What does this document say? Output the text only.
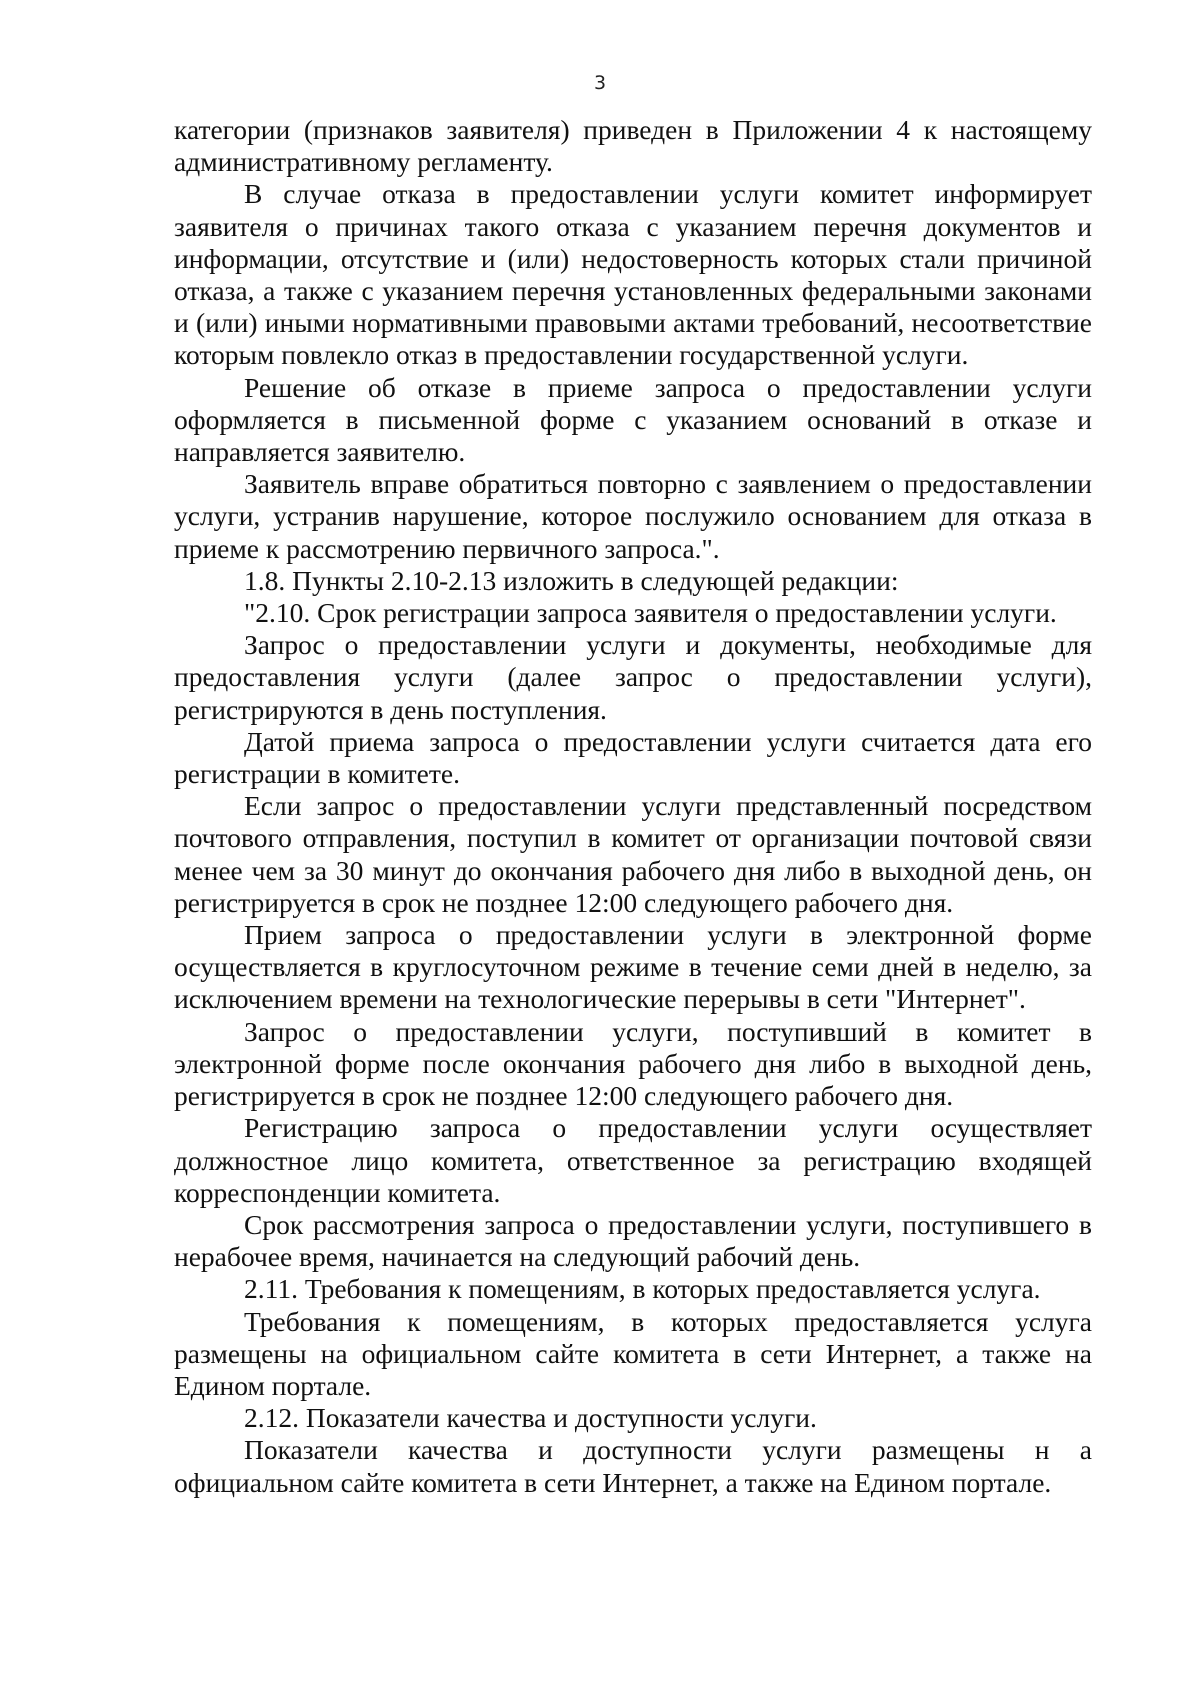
3

категории (признаков заявителя) приведен в Приложении 4 к настоящему административному регламенту.

В случае отказа в предоставлении услуги комитет информирует заявителя о причинах такого отказа с указанием перечня документов и информации, отсутствие и (или) недостоверность которых стали причиной отказа, а также с указанием перечня установленных федеральными законами и (или) иными нормативными правовыми актами требований, несоответствие которым повлекло отказ в предоставлении государственной услуги.

Решение об отказе в приеме запроса о предоставлении услуги оформляется в письменной форме с указанием оснований в отказе и направляется заявителю.

Заявитель вправе обратиться повторно с заявлением о предоставлении услуги, устранив нарушение, которое послужило основанием для отказа в приеме к рассмотрению первичного запроса.".

1.8. Пункты 2.10-2.13 изложить в следующей редакции:

"2.10. Срок регистрации запроса заявителя о предоставлении услуги.

Запрос о предоставлении услуги и документы, необходимые для предоставления услуги (далее запрос о предоставлении услуги), регистрируются в день поступления.

Датой приема запроса о предоставлении услуги считается дата его регистрации в комитете.

Если запрос о предоставлении услуги представленный посредством почтового отправления, поступил в комитет от организации почтовой связи менее чем за 30 минут до окончания рабочего дня либо в выходной день, он регистрируется в срок не позднее 12:00 следующего рабочего дня.

Прием запроса о предоставлении услуги в электронной форме осуществляется в круглосуточном режиме в течение семи дней в неделю, за исключением времени на технологические перерывы в сети "Интернет".

Запрос о предоставлении услуги, поступивший в комитет в электронной форме после окончания рабочего дня либо в выходной день, регистрируется в срок не позднее 12:00 следующего рабочего дня.

Регистрацию запроса о предоставлении услуги осуществляет должностное лицо комитета, ответственное за регистрацию входящей корреспонденции комитета.

Срок рассмотрения запроса о предоставлении услуги, поступившего в нерабочее время, начинается на следующий рабочий день.

2.11. Требования к помещениям, в которых предоставляется услуга.

Требования к помещениям, в которых предоставляется услуга размещены на официальном сайте комитета в сети Интернет, а также на Едином портале.

2.12. Показатели качества и доступности услуги.

Показатели качества и доступности услуги размещены н а официальном сайте комитета в сети Интернет, а также на Едином портале.
